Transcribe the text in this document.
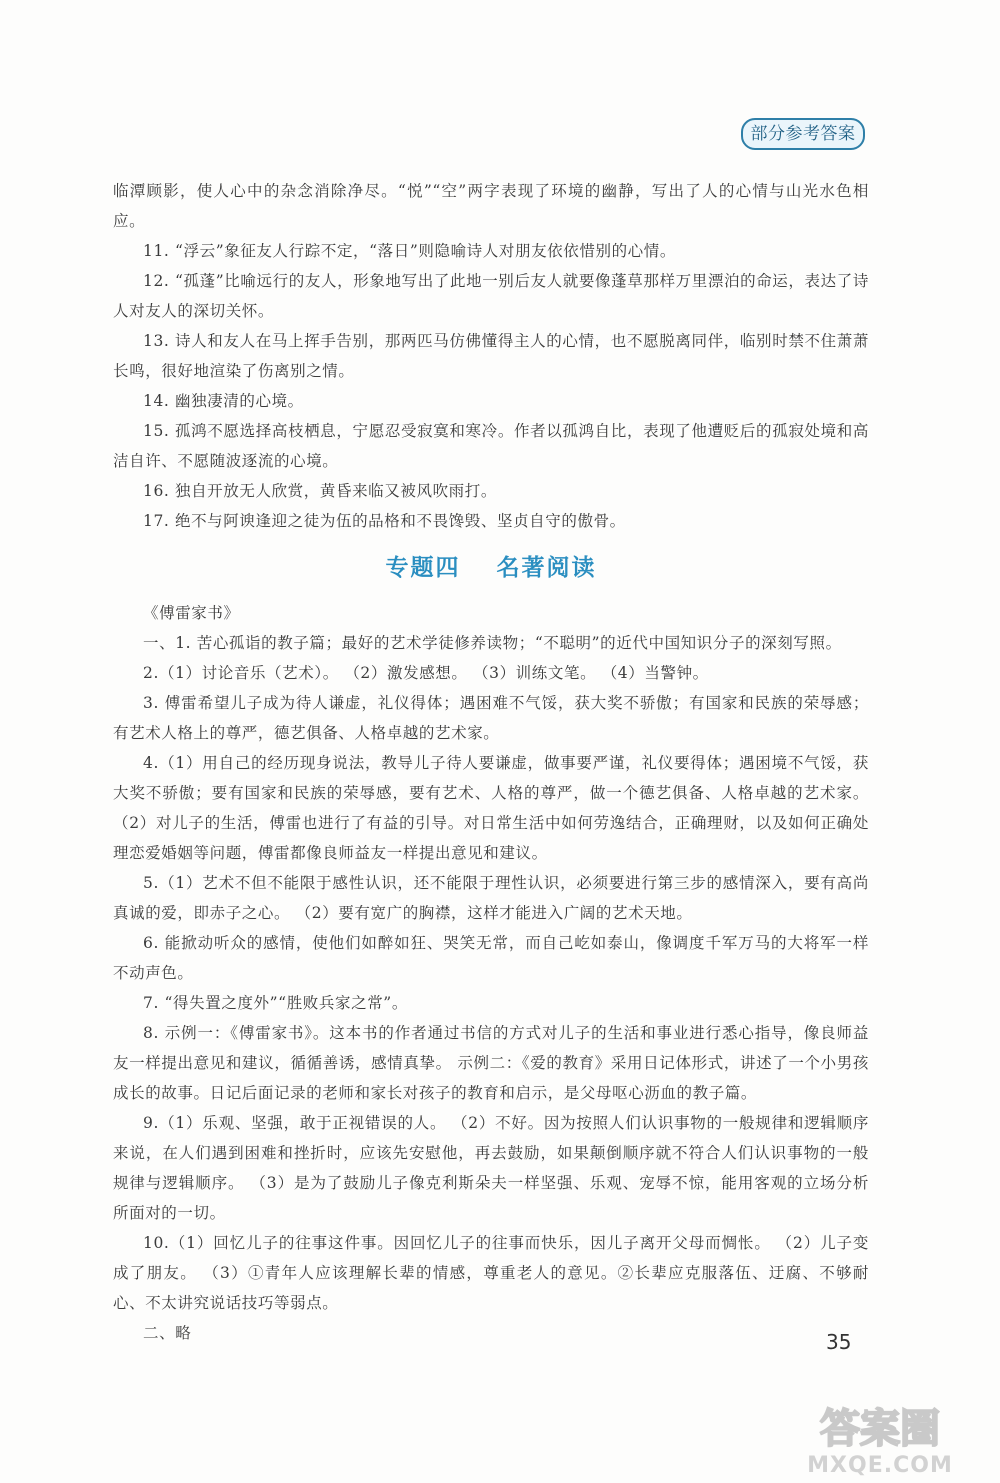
部分参考答案

临潭顾影，使人心中的杂念消除净尽。“悦”“空”两字表现了环境的幽静，写出了人的心情与山光水色相应。

11. “浮云”象征友人行踪不定，“落日”则隐喻诗人对朋友依依惜别的心情。

12. “孤蓬”比喻远行的友人，形象地写出了此地一别后友人就要像蓬草那样万里漂泊的命运，表达了诗人对友人的深切关怀。

13. 诗人和友人在马上挥手告别，那两匹马仿佛懂得主人的心情，也不愿脱离同伴，临别时禁不住萧萧长鸣，很好地渲染了伤离别之情。

14. 幽独凄清的心境。

15. 孤鸿不愿选择高枝栖息，宁愿忍受寂寞和寒冷。作者以孤鸿自比，表现了他遭贬后的孤寂处境和高洁自许、不愿随波逐流的心境。

16. 独自开放无人欣赏，黄昏来临又被风吹雨打。

17. 绝不与阿谀逢迎之徒为伍的品格和不畏馋毁、坚贞自守的傲骨。

专题四 名著阅读

《傅雷家书》

一、1. 苦心孤诣的教子篇；最好的艺术学徒修养读物；“不聪明”的近代中国知识分子的深刻写照。

2.（1）讨论音乐（艺术）。 （2）激发感想。 （3）训练文笔。 （4）当警钟。

3. 傅雷希望儿子成为待人谦虚，礼仪得体；遇困难不气馁，获大奖不骄傲；有国家和民族的荣辱感；有艺术人格上的尊严，德艺俱备、人格卓越的艺术家。

4.（1）用自己的经历现身说法，教导儿子待人要谦虚，做事要严谨，礼仪要得体；遇困境不气馁，获大奖不骄傲；要有国家和民族的荣辱感，要有艺术、人格的尊严，做一个德艺俱备、人格卓越的艺术家。 （2）对儿子的生活，傅雷也进行了有益的引导。对日常生活中如何劳逸结合，正确理财，以及如何正确处理恋爱婚姻等问题，傅雷都像良师益友一样提出意见和建议。

5.（1）艺术不但不能限于感性认识，还不能限于理性认识，必须要进行第三步的感情深入，要有高尚真诚的爱，即赤子之心。 （2）要有宽广的胸襟，这样才能进入广阔的艺术天地。

6. 能掀动听众的感情，使他们如醉如狂、哭笑无常，而自己屹如泰山，像调度千军万马的大将军一样不动声色。

7. “得失置之度外”“胜败兵家之常”。

8. 示例一：《傅雷家书》。这本书的作者通过书信的方式对儿子的生活和事业进行悉心指导，像良师益友一样提出意见和建议，循循善诱，感情真挚。 示例二：《爱的教育》采用日记体形式，讲述了一个小男孩成长的故事。日记后面记录的老师和家长对孩子的教育和启示，是父母呕心沥血的教子篇。

9.（1）乐观、坚强，敢于正视错误的人。 （2）不好。因为按照人们认识事物的一般规律和逻辑顺序来说，在人们遇到困难和挫折时，应该先安慰他，再去鼓励，如果颠倒顺序就不符合人们认识事物的一般规律与逻辑顺序。 （3）是为了鼓励儿子像克利斯朵夫一样坚强、乐观、宠辱不惊，能用客观的立场分析所面对的一切。

10.（1）回忆儿子的往事这件事。因回忆儿子的往事而快乐，因儿子离开父母而惆怅。 （2）儿子变成了朋友。 （3）①青年人应该理解长辈的情感，尊重老人的意见。②长辈应克服落伍、迂腐、不够耐心、不太讲究说话技巧等弱点。

二、略	35
答案圈
MXQE.COM
